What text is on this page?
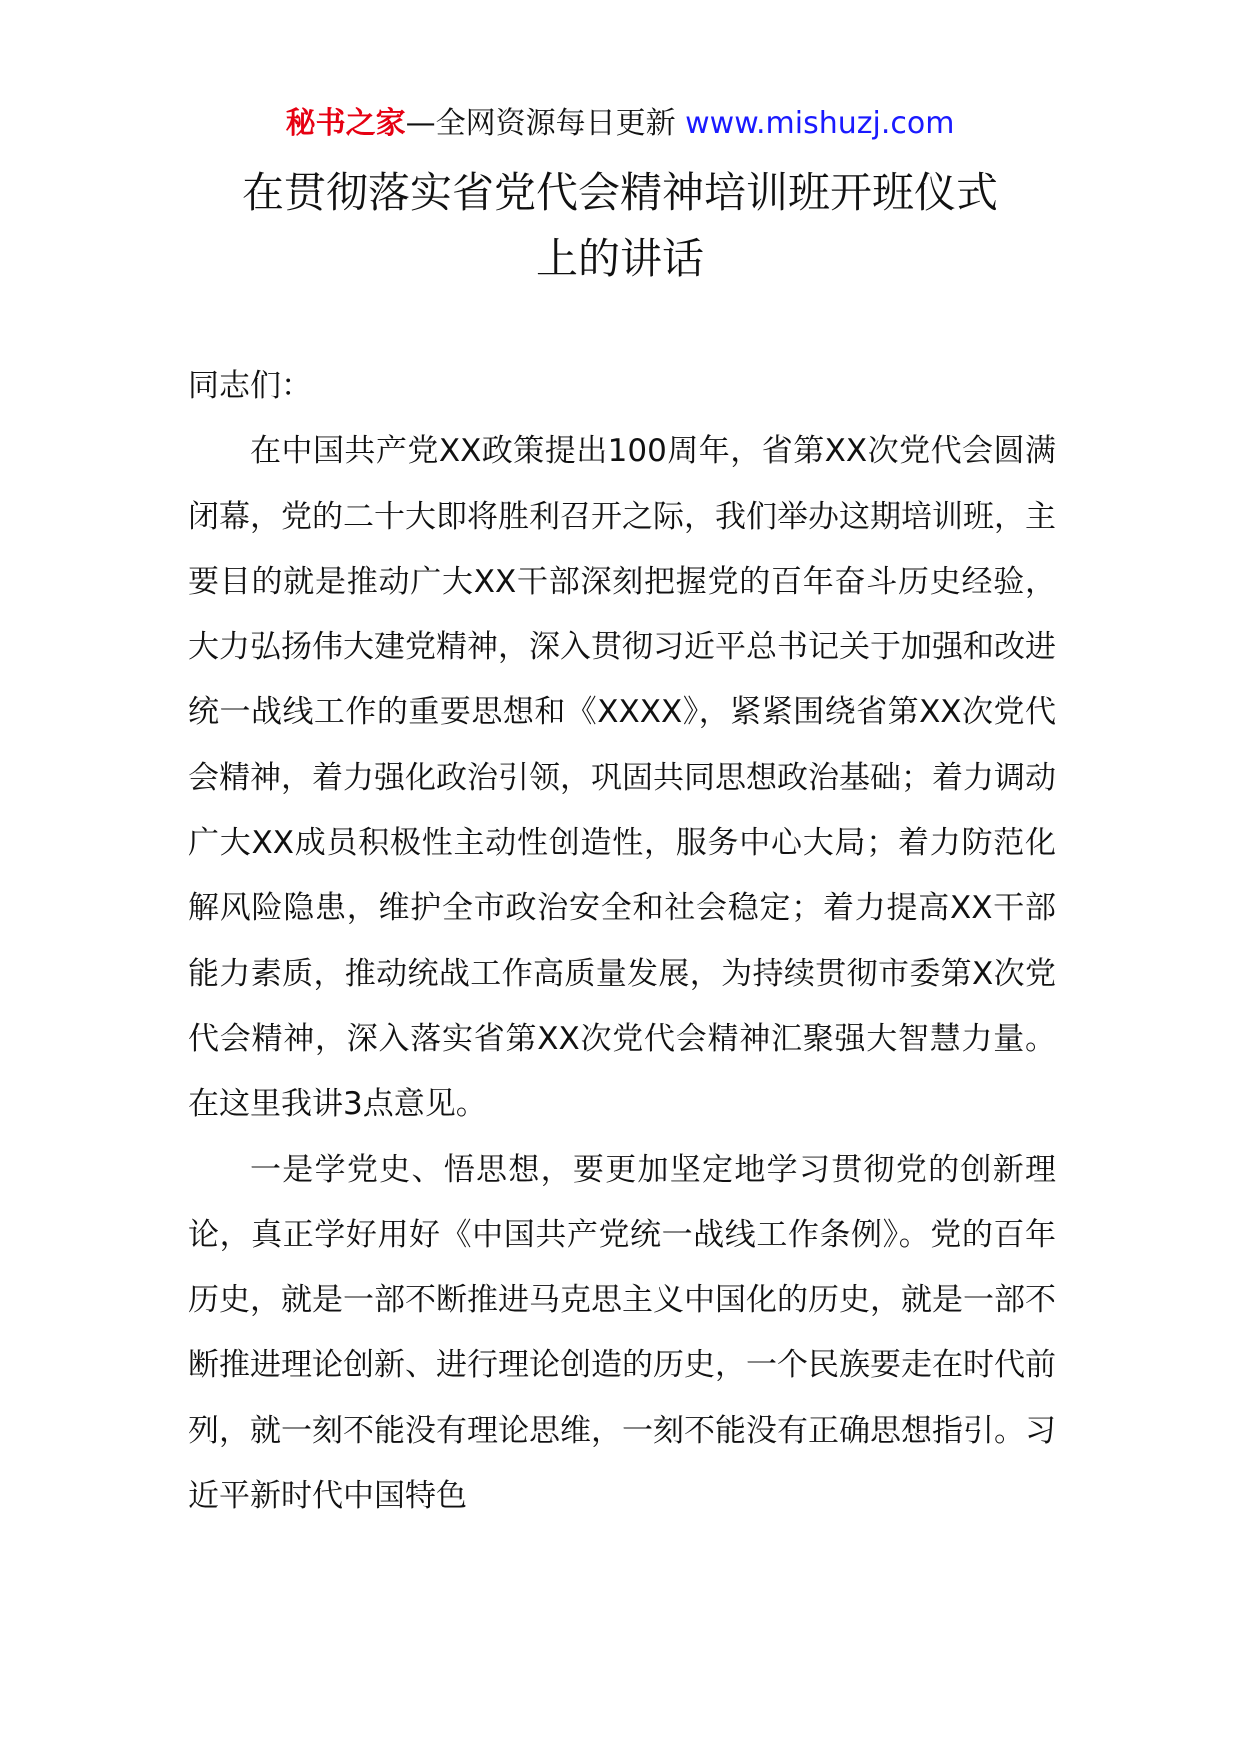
秘书之家—全网资源每日更新 www.mishuzj.com
在贯彻落实省党代会精神培训班开班仪式
上的讲话

同志们：

在中国共产党XX政策提出100周年，省第XX次党代会圆满闭幕，党的二十大即将胜利召开之际，我们举办这期培训班，主要目的就是推动广大XX干部深刻把握党的百年奋斗历史经验，大力弘扬伟大建党精神，深入贯彻习近平总书记关于加强和改进统一战线工作的重要思想和《XXXX》，紧紧围绕省第XX次党代会精神，着力强化政治引领，巩固共同思想政治基础；着力调动广大XX成员积极性主动性创造性，服务中心大局；着力防范化解风险隐患，维护全市政治安全和社会稳定；着力提高XX干部能力素质，推动统战工作高质量发展，为持续贯彻市委第X次党代会精神，深入落实省第XX次党代会精神汇聚强大智慧力量。在这里我讲3点意见。

一是学党史、悟思想，要更加坚定地学习贯彻党的创新理论，真正学好用好《中国共产党统一战线工作条例》。党的百年历史，就是一部不断推进马克思主义中国化的历史，就是一部不断推进理论创新、进行理论创造的历史，一个民族要走在时代前列，就一刻不能没有理论思维，一刻不能没有正确思想指引。习近平新时代中国特色
